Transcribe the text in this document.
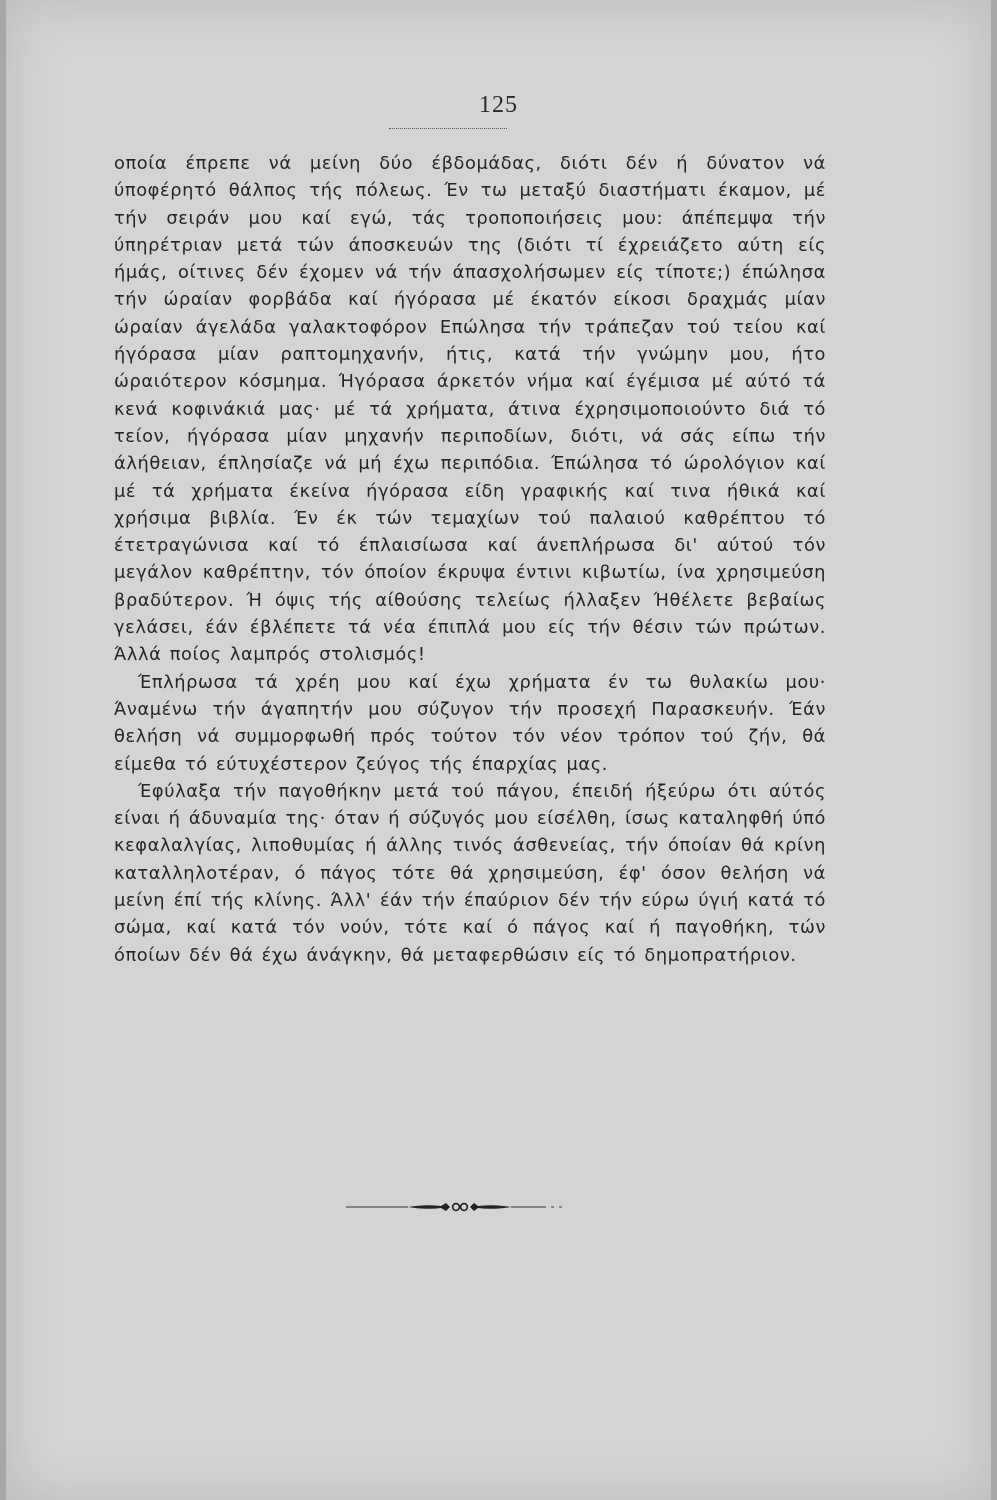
125

οποία έπρεπε νά μείνη δύο έβδομάδας, διότι δέν ή δύνατον νά ύποφέρητό θάλπος τής πόλεως. Έν τω μεταξύ διαστήματι έκαμον, μέ τήν σειράν μου καί εγώ, τάς τροποποιήσεις μου: άπέπεμψα τήν ύπηρέτριαν μετά τών άποσκευών της (διότι τί έχρειάζετο αύτη είς ήμάς, οίτινες δέν έχομεν νά τήν άπασχολήσωμεν είς τίποτε;) έπώλησα τήν ώραίαν φορβάδα καί ήγόρασα μέ έκατόν είκοσι δραχμάς μίαν ώραίαν άγελάδα γαλακτοφόρον Επώλησα τήν τράπεζαν τού τείου καί ήγόρασα μίαν ραπτομηχανήν, ήτις, κατά τήν γνώμην μου, ήτο ώραιότερον κόσμημα. Ήγόρασα άρκετόν νήμα καί έγέμισα μέ αύτό τά κενά κοφινάκιά μας· μέ τά χρήματα, άτινα έχρησιμοποιούντο διά τό τείον, ήγόρασα μίαν μηχανήν περιποδίων, διότι, νά σάς είπω τήν άλήθειαν, έπλησίαζε νά μή έχω περιπόδια. Έπώλησα τό ώρολόγιον καί μέ τά χρήματα έκείνα ήγόρασα είδη γραφικής καί τινα ήθικά καί χρήσιμα βιβλία. Έν έκ τών τεμαχίων τού παλαιού καθρέπτου τό έτετραγώνισα καί τό έπλαισίωσα καί άνεπλήρωσα δι' αύτού τόν μεγάλον καθρέπτην, τόν όποίον έκρυψα έντινι κιβωτίω, ίνα χρησιμεύση βραδύτερον. Ή όψις τής αίθούσης τελείως ήλλαξεν Ήθέλετε βεβαίως γελάσει, έάν έβλέπετε τά νέα έπιπλά μου είς τήν θέσιν τών πρώτων. Άλλά ποίος λαμπρός στολισμός!

Έπλήρωσα τά χρέη μου καί έχω χρήματα έν τω θυλακίω μου· Άναμένω τήν άγαπητήν μου σύζυγον τήν προσεχή Παρασκευήν. Έάν θελήση νά συμμορφωθή πρός τούτον τόν νέον τρόπον τού ζήν, θά είμεθα τό εύτυχέστερον ζεύγος τής έπαρχίας μας.

Έφύλαξα τήν παγοθήκην μετά τού πάγου, έπειδή ήξεύρω ότι αύτός είναι ή άδυναμία της· όταν ή σύζυγός μου είσέλθη, ίσως καταληφθή ύπό κεφαλαλγίας, λιποθυμίας ή άλλης τινός άσθενείας, τήν όποίαν θά κρίνη καταλληλοτέραν, ό πάγος τότε θά χρησιμεύση, έφ' όσον θελήση νά μείνη έπί τής κλίνης. Άλλ' έάν τήν έπαύριον δέν τήν εύρω ύγιή κατά τό σώμα, καί κατά τόν νούν, τότε καί ό πάγος καί ή παγοθήκη, τών όποίων δέν θά έχω άνάγκην, θά μεταφερθώσιν είς τό δημοπρατήριον.
